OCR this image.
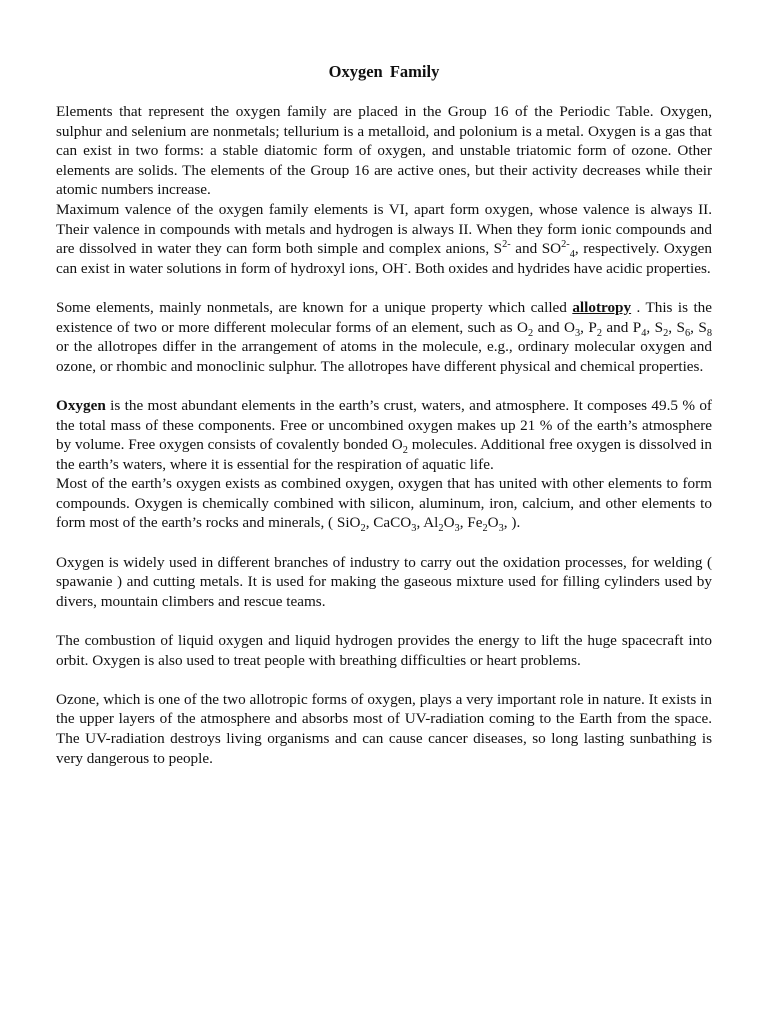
Oxygen Family

Elements that represent the oxygen family are placed in the Group 16 of the Periodic Table. Oxygen, sulphur and selenium are nonmetals; tellurium is a metalloid, and polonium is a metal. Oxygen is a gas that can exist in two forms: a stable diatomic form of oxygen, and unstable triatomic form of ozone. Other elements are solids. The elements of the Group 16 are active ones, but their activity decreases while their atomic numbers increase.

Maximum valence of the oxygen family elements is VI, apart form oxygen, whose valence is always II. Their valence in compounds with metals and hydrogen is always II. When they form ionic compounds and are dissolved in water they can form both simple and complex anions, $S^{2-}$ and $SO^{2-}_4$, respectively. Oxygen can exist in water solutions in form of hydroxyl ions, OH-. Both oxides and hydrides have acidic properties.

Some elements, mainly nonmetals, are known for a unique property which called allotropy . This is the existence of two or more different molecular forms of an element, such as $O_2$ and $O_3$, $P_2$ and $P_4$, $S_2$, $S_6$, $S_8$ or the allotropes differ in the arrangement of atoms in the molecule, e.g., ordinary molecular oxygen and ozone, or rhombic and monoclinic sulphur. The allotropes have different physical and chemical properties.

Oxygen is the most abundant elements in the earth’s crust, waters, and atmosphere. It composes 49.5 % of the total mass of these components. Free or uncombined oxygen makes up 21 % of the earth’s atmosphere by volume. Free oxygen consists of covalently bonded $O_2$ molecules. Additional free oxygen is dissolved in the earth’s waters, where it is essential for the respiration of aquatic life.

Most of the earth’s oxygen exists as combined oxygen, oxygen that has united with other elements to form compounds. Oxygen is chemically combined with silicon, aluminum, iron, calcium, and other elements to form most of the earth’s rocks and minerals, ( SiO$_2$, CaCO$_3$, $Al_2O_3$, $Fe_2O_3$, ).

Oxygen is widely used in different branches of industry to carry out the oxidation processes, for welding ( spawanie ) and cutting metals. It is used for making the gaseous mixture used for filling cylinders used by divers, mountain climbers and rescue teams.

The combustion of liquid oxygen and liquid hydrogen provides the energy to lift the huge spacecraft into orbit. Oxygen is also used to treat people with breathing difficulties or heart problems.

Ozone, which is one of the two allotropic forms of oxygen, plays a very important role in nature. It exists in the upper layers of the atmosphere and absorbs most of UV-radiation coming to the Earth from the space. The UV-radiation destroys living organisms and can cause cancer diseases, so long lasting sunbathing is very dangerous to people.
